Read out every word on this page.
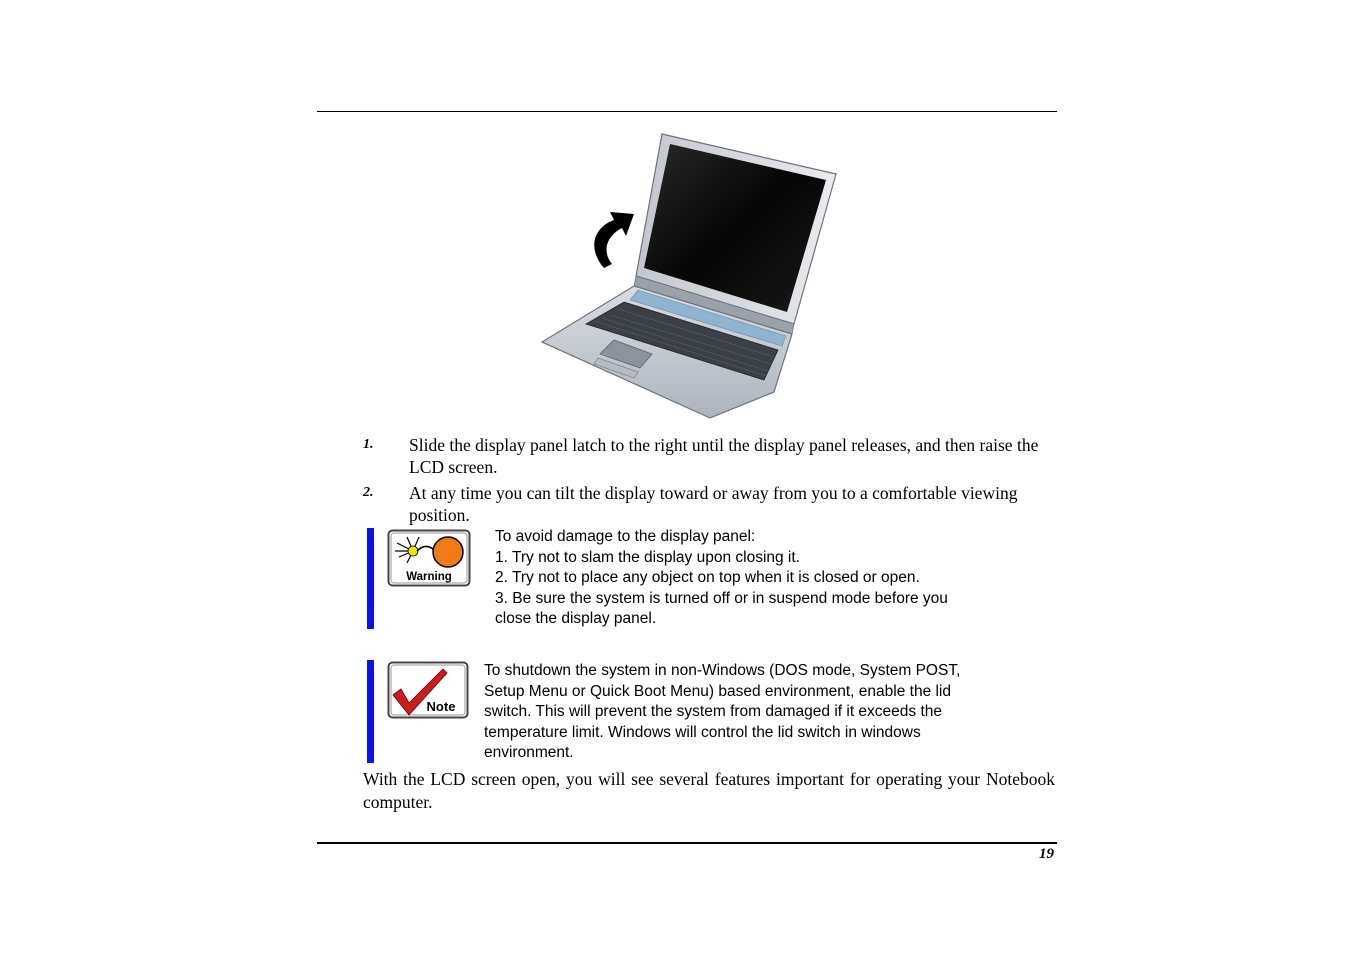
1. Slide the display panel latch to the right until the display panel releases, and then raise the LCD screen.
2. At any time you can tilt the display toward or away from you to a comfortable viewing position.
Warning
To avoid damage to the display panel:
1. Try not to slam the display upon closing it.
2. Try not to place any object on top when it is closed or open.
3. Be sure the system is turned off or in suspend mode before you
close the display panel.
Note
To shutdown the system in non-Windows (DOS mode, System POST,
Setup Menu or Quick Boot Menu) based environment, enable the lid
switch. This will prevent the system from damaged if it exceeds the
temperature limit. Windows will control the lid switch in windows
environment.
With the LCD screen open, you will see several features important for operating your Notebook computer.
19
